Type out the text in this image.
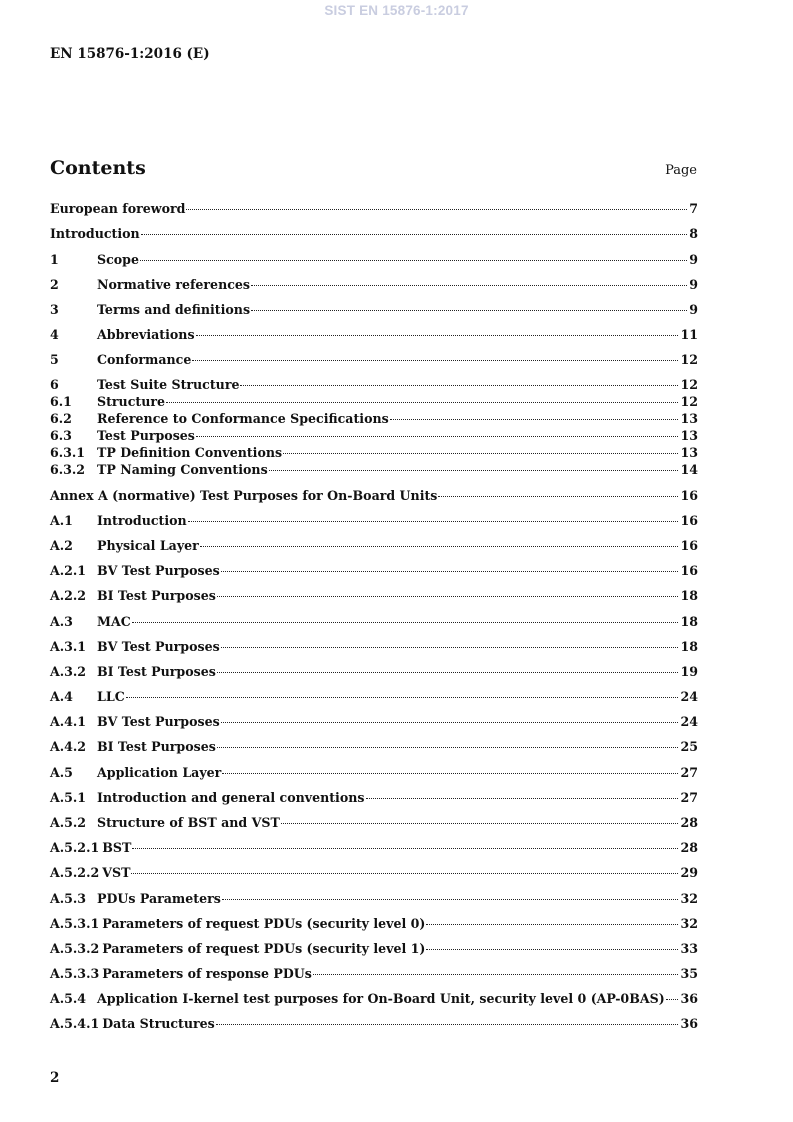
SIST EN 15876-1:2017
EN 15876-1:2016 (E)
Contents	Page
European foreword	7
Introduction	8
1	Scope	9
2	Normative references	9
3	Terms and definitions	9
4	Abbreviations	11
5	Conformance	12
6	Test Suite Structure	12
6.1	Structure	12
6.2	Reference to Conformance Specifications	13
6.3	Test Purposes	13
6.3.1 TP Definition Conventions	13
6.3.2 TP Naming Conventions	14
Annex A (normative) Test Purposes for On-Board Units	16
A.1	Introduction	16
A.2	Physical Layer	16
A.2.1 BV Test Purposes	16
A.2.2 BI Test Purposes	18
A.3	MAC	18
A.3.1 BV Test Purposes	18
A.3.2 BI Test Purposes	19
A.4	LLC	24
A.4.1 BV Test Purposes	24
A.4.2 BI Test Purposes	25
A.5	Application Layer	27
A.5.1 Introduction and general conventions	27
A.5.2 Structure of BST and VST	28
A.5.2.1 BST	28
A.5.2.2 VST	29
A.5.3 PDUs Parameters	32
A.5.3.1 Parameters of request PDUs (security level 0)	32
A.5.3.2 Parameters of request PDUs (security level 1)	33
A.5.3.3 Parameters of response PDUs	35
A.5.4 Application I-kernel test purposes for On-Board Unit, security level 0 (AP-0BAS) 36
A.5.4.1 Data Structures	36
2
